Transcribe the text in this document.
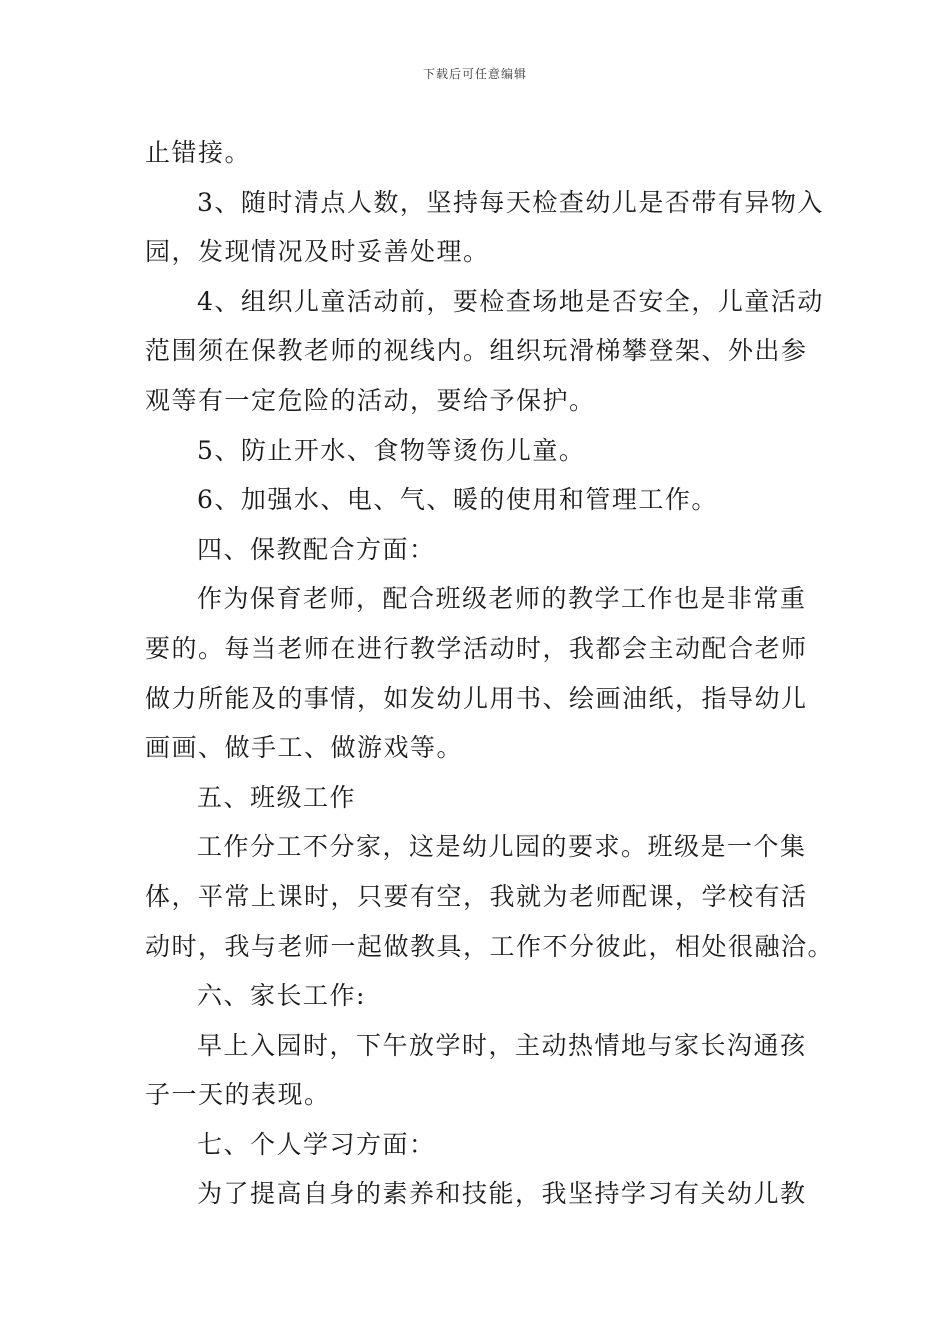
下载后可任意编辑
止错接。
3、随时清点人数，坚持每天检查幼儿是否带有异物入
园，发现情况及时妥善处理。
4、组织儿童活动前，要检查场地是否安全，儿童活动
范围须在保教老师的视线内。组织玩滑梯攀登架、外出参
观等有一定危险的活动，要给予保护。
5、防止开水、食物等烫伤儿童。
6、加强水、电、气、暖的使用和管理工作。
四、保教配合方面：
作为保育老师，配合班级老师的教学工作也是非常重
要的。每当老师在进行教学活动时，我都会主动配合老师
做力所能及的事情，如发幼儿用书、绘画油纸，指导幼儿
画画、做手工、做游戏等。
五、班级工作
工作分工不分家，这是幼儿园的要求。班级是一个集
体，平常上课时，只要有空，我就为老师配课，学校有活
动时，我与老师一起做教具，工作不分彼此，相处很融洽。
六、家长工作:
早上入园时，下午放学时，主动热情地与家长沟通孩
子一天的表现。
七、个人学习方面：
为了提高自身的素养和技能，我坚持学习有关幼儿教
